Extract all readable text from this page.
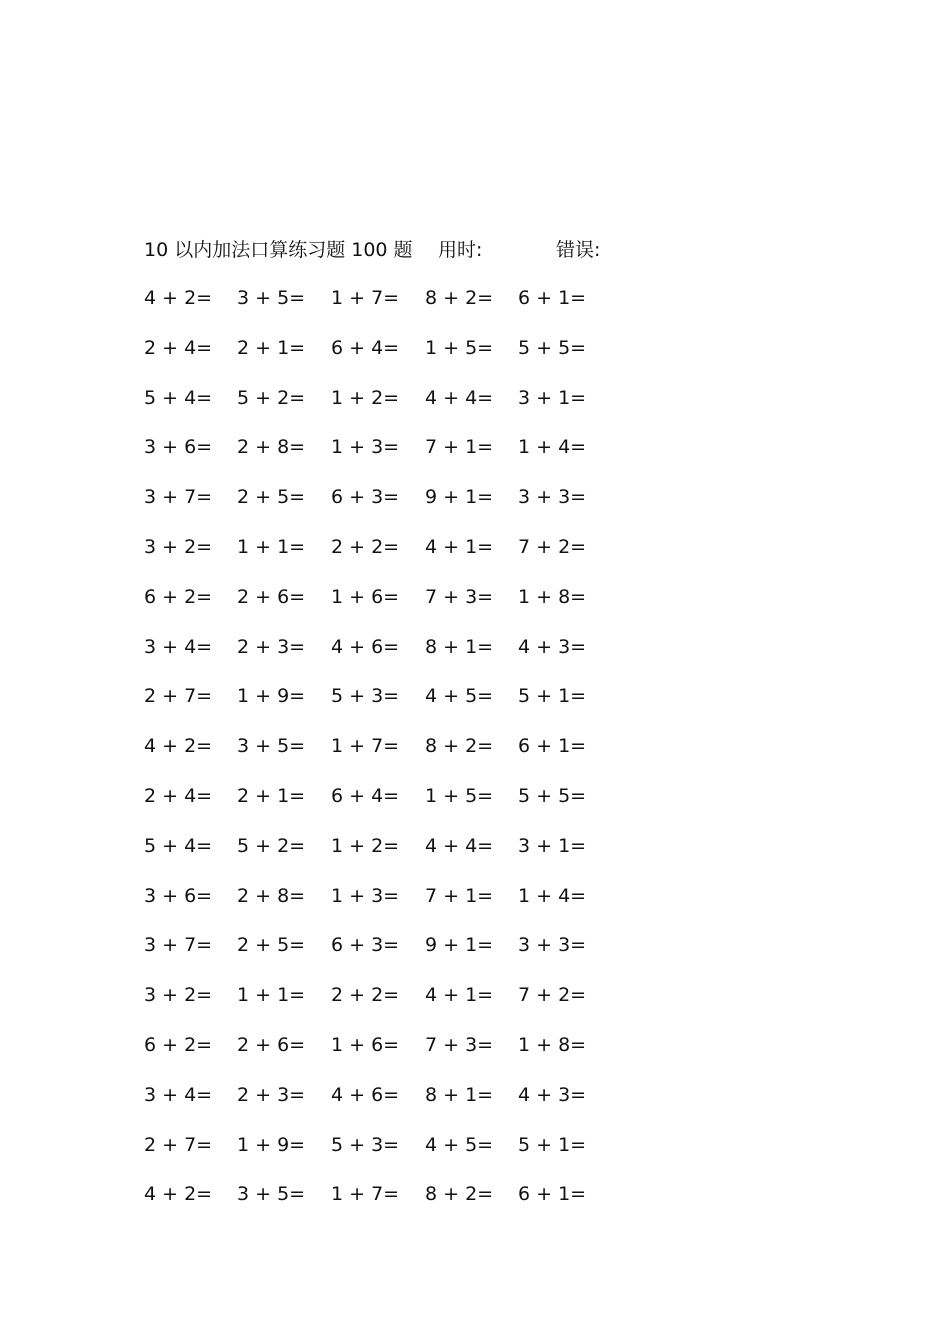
10 以内加法口算练习题 100 题 用时:	错误:
4 + 2= 3 + 5= 1 + 7= 8 + 2= 6 + 1=
2 + 4= 2 + 1= 6 + 4= 1 + 5= 5 + 5=
5 + 4= 5 + 2= 1 + 2= 4 + 4= 3 + 1=
3 + 6= 2 + 8= 1 + 3= 7 + 1= 1 + 4=
3 + 7= 2 + 5= 6 + 3= 9 + 1= 3 + 3=
3 + 2= 1 + 1= 2 + 2= 4 + 1= 7 + 2=
6 + 2= 2 + 6= 1 + 6= 7 + 3= 1 + 8=
3 + 4= 2 + 3= 4 + 6= 8 + 1= 4 + 3=
2 + 7= 1 + 9= 5 + 3= 4 + 5= 5 + 1=
4 + 2= 3 + 5= 1 + 7= 8 + 2= 6 + 1=
2 + 4= 2 + 1= 6 + 4= 1 + 5= 5 + 5=
5 + 4= 5 + 2= 1 + 2= 4 + 4= 3 + 1=
3 + 6= 2 + 8= 1 + 3= 7 + 1= 1 + 4=
3 + 7= 2 + 5= 6 + 3= 9 + 1= 3 + 3=
3 + 2= 1 + 1= 2 + 2= 4 + 1= 7 + 2=
6 + 2= 2 + 6= 1 + 6= 7 + 3= 1 + 8=
3 + 4= 2 + 3= 4 + 6= 8 + 1= 4 + 3=
2 + 7= 1 + 9= 5 + 3= 4 + 5= 5 + 1=
4 + 2= 3 + 5= 1 + 7= 8 + 2= 6 + 1=
